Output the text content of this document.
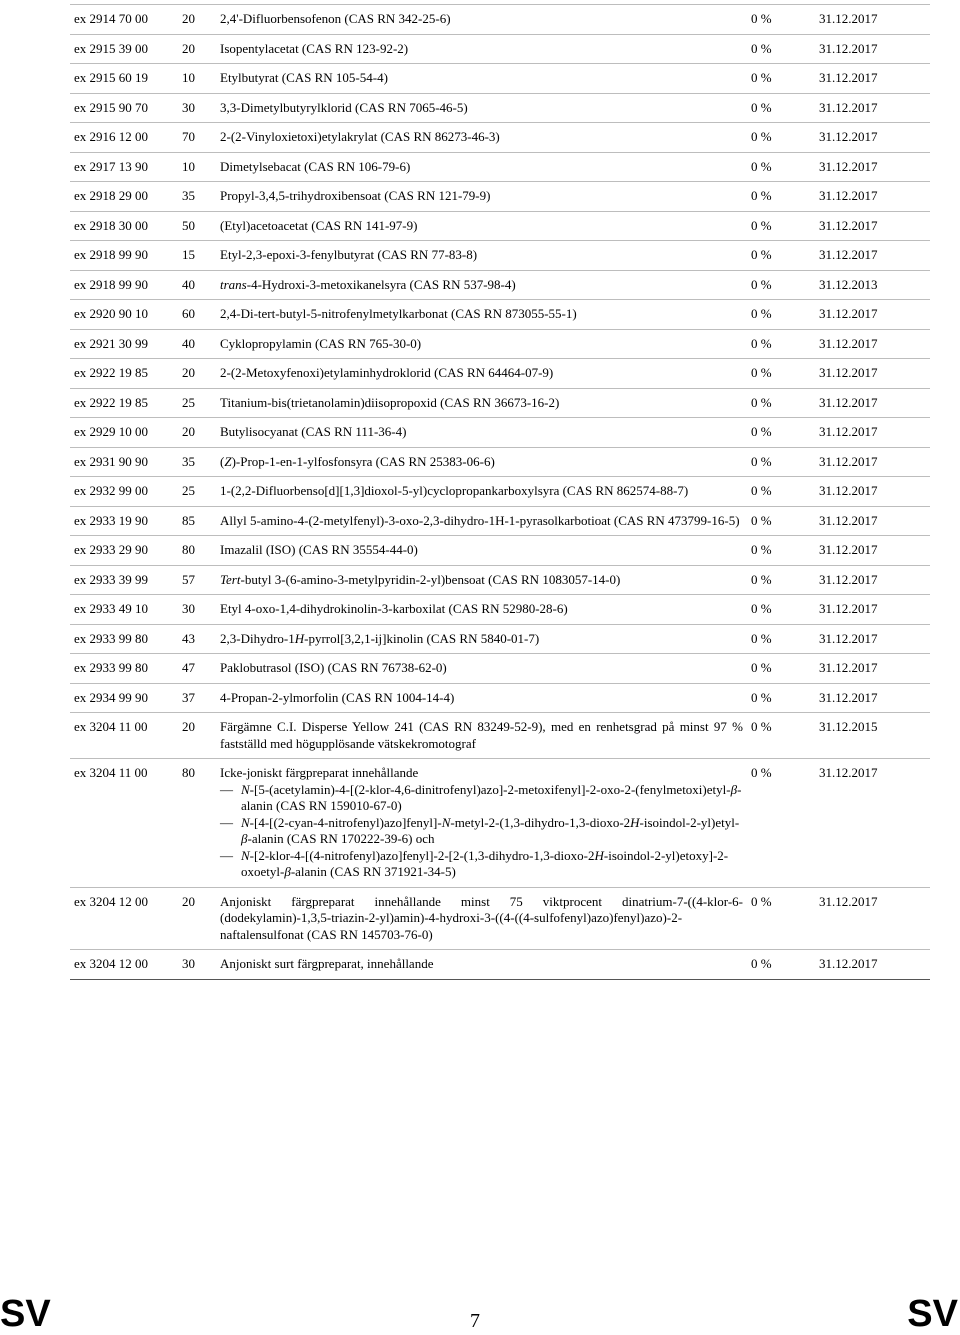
ex 2914 70 00	20	2,4'-Difluorbensofenon (CAS RN 342-25-6)	0 %	31.12.2017
ex 2915 39 00	20	Isopentylacetat (CAS RN 123-92-2)	0 %	31.12.2017
ex 2915 60 19	10	Etylbutyrat (CAS RN 105-54-4)	0 %	31.12.2017
ex 2915 90 70	30	3,3-Dimetylbutyrylklorid (CAS RN 7065-46-5)	0 %	31.12.2017
ex 2916 12 00	70	2-(2-Vinyloxietoxi)etylakrylat (CAS RN 86273-46-3)	0 %	31.12.2017
ex 2917 13 90	10	Dimetylsebacat (CAS RN 106-79-6)	0 %	31.12.2017
ex 2918 29 00	35	Propyl-3,4,5-trihydroxibensoat (CAS RN 121-79-9)	0 %	31.12.2017
ex 2918 30 00	50	(Etyl)acetoacetat (CAS RN 141-97-9)	0 %	31.12.2017
ex 2918 99 90	15	Etyl-2,3-epoxi-3-fenylbutyrat (CAS RN 77-83-8)	0 %	31.12.2017
ex 2918 99 90	40	trans-4-Hydroxi-3-metoxikanelsyra (CAS RN 537-98-4)	0 %	31.12.2013
ex 2920 90 10	60	2,4-Di-tert-butyl-5-nitrofenylmetylkarbonat (CAS RN 873055-55-1)	0 %	31.12.2017
ex 2921 30 99	40	Cyklopropylamin (CAS RN 765-30-0)	0 %	31.12.2017
ex 2922 19 85	20	2-(2-Metoxyfenoxi)etylaminhydroklorid (CAS RN 64464-07-9)	0 %	31.12.2017
ex 2922 19 85	25	Titanium-bis(trietanolamin)diisopropoxid (CAS RN 36673-16-2)	0 %	31.12.2017
ex 2929 10 00	20	Butylisocyanat (CAS RN 111-36-4)	0 %	31.12.2017
ex 2931 90 90	35	(Z)-Prop-1-en-1-ylfosfonsyra (CAS RN 25383-06-6)	0 %	31.12.2017
ex 2932 99 00	25	1-(2,2-Difluorbenso[d][1,3]dioxol-5-yl)cyclopropankarboxylsyra (CAS RN 862574-88-7)	0 %	31.12.2017
ex 2933 19 90	85	Allyl 5-amino-4-(2-metylfenyl)-3-oxo-2,3-dihydro-1H-1-pyrasolkarbotioat (CAS RN 473799-16-5)	0 %	31.12.2017
ex 2933 29 90	80	Imazalil (ISO) (CAS RN 35554-44-0)	0 %	31.12.2017
ex 2933 39 99	57	Tert-butyl 3-(6-amino-3-metylpyridin-2-yl)bensoat (CAS RN 1083057-14-0)	0 %	31.12.2017
ex 2933 49 10	30	Etyl 4-oxo-1,4-dihydrokinolin-3-karboxilat (CAS RN 52980-28-6)	0 %	31.12.2017
ex 2933 99 80	43	2,3-Dihydro-1H-pyrrol[3,2,1-ij]kinolin (CAS RN 5840-01-7)	0 %	31.12.2017
ex 2933 99 80	47	Paklobutrasol (ISO) (CAS RN 76738-62-0)	0 %	31.12.2017
ex 2934 99 90	37	4-Propan-2-ylmorfolin (CAS RN 1004-14-4)	0 %	31.12.2017
ex 3204 11 00	20	Färgämne C.I. Disperse Yellow 241 (CAS RN 83249-52-9), med en renhetsgrad på minst 97 % fastställd med högupplösande vätskekromotograf	0 %	31.12.2015
ex 3204 11 00	80	Icke-joniskt färgpreparat innehållande
— N-[5-(acetylamin)-4-[(2-klor-4,6-dinitrofenyl)azo]-2-metoxifenyl]-2-oxo-2-(fenylmetoxi)etyl-β-alanin (CAS RN 159010-67-0)
— N-[4-[(2-cyan-4-nitrofenyl)azo]fenyl]-N-metyl-2-(1,3-dihydro-1,3-dioxo-2H-isoindol-2-yl)etyl-β-alanin (CAS RN 170222-39-6) och
— N-[2-klor-4-[(4-nitrofenyl)azo]fenyl]-2-[2-(1,3-dihydro-1,3-dioxo-2H-isoindol-2-yl)etoxy]-2-oxoetyl-β-alanin (CAS RN 371921-34-5)	0 %	31.12.2017
ex 3204 12 00	20	Anjoniskt färgpreparat innehållande minst 75 viktprocent dinatrium-7-((4-klor-6-(dodekylamin)-1,3,5-triazin-2-yl)amin)-4-hydroxi-3-((4-((4-sulfofenyl)azo)fenyl)azo)-2-naftalensulfonat (CAS RN 145703-76-0)	0 %	31.12.2017
ex 3204 12 00	30	Anjoniskt surt färgpreparat, innehållande	0 %	31.12.2017
SV	7	SV
